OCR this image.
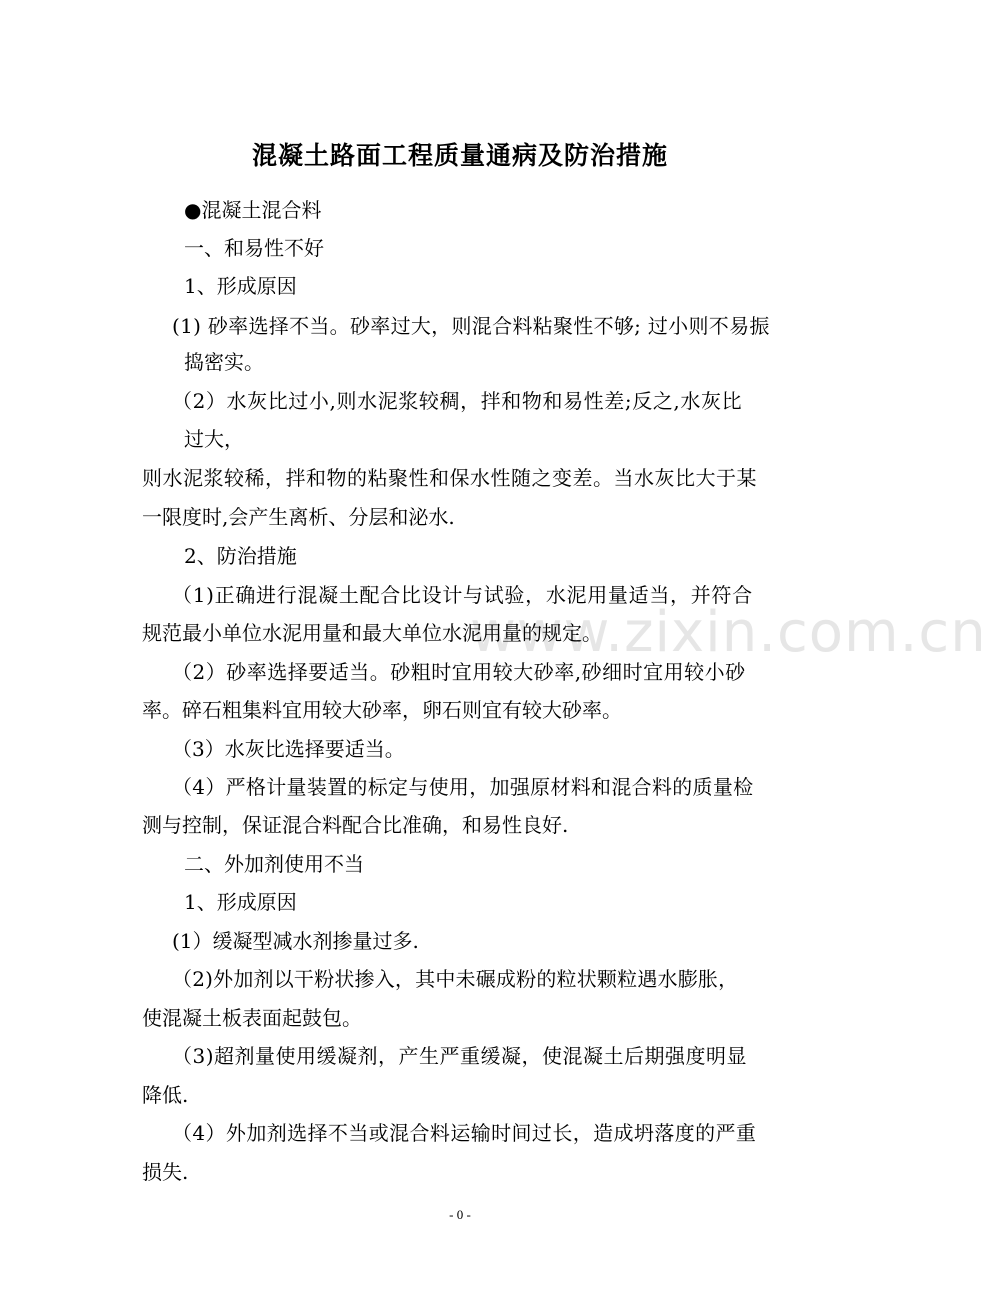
www.zixin.com.cn
混凝土路面工程质量通病及防治措施
●混凝土混合料
一、和易性不好
1、形成原因
(1) 砂率选择不当。砂率过大，则混合料粘聚性不够; 过小则不易振
捣密实。
（2）水灰比过小,则水泥浆较稠，拌和物和易性差;反之,水灰比
过大，
则水泥浆较稀，拌和物的粘聚性和保水性随之变差。当水灰比大于某
一限度时,会产生离析、分层和泌水.
2、防治措施
（1)正确进行混凝土配合比设计与试验，水泥用量适当，并符合
规范最小单位水泥用量和最大单位水泥用量的规定。
（2）砂率选择要适当。砂粗时宜用较大砂率,砂细时宜用较小砂
率。碎石粗集料宜用较大砂率，卵石则宜有较大砂率。
（3）水灰比选择要适当。
（4）严格计量装置的标定与使用，加强原材料和混合料的质量检
测与控制，保证混合料配合比准确，和易性良好.
二、外加剂使用不当
1、形成原因
(1）缓凝型减水剂掺量过多.
（2)外加剂以干粉状掺入，其中未碾成粉的粒状颗粒遇水膨胀，
使混凝土板表面起鼓包。
（3)超剂量使用缓凝剂，产生严重缓凝，使混凝土后期强度明显
降低.
（4）外加剂选择不当或混合料运输时间过长，造成坍落度的严重
损失.
- 0 -
